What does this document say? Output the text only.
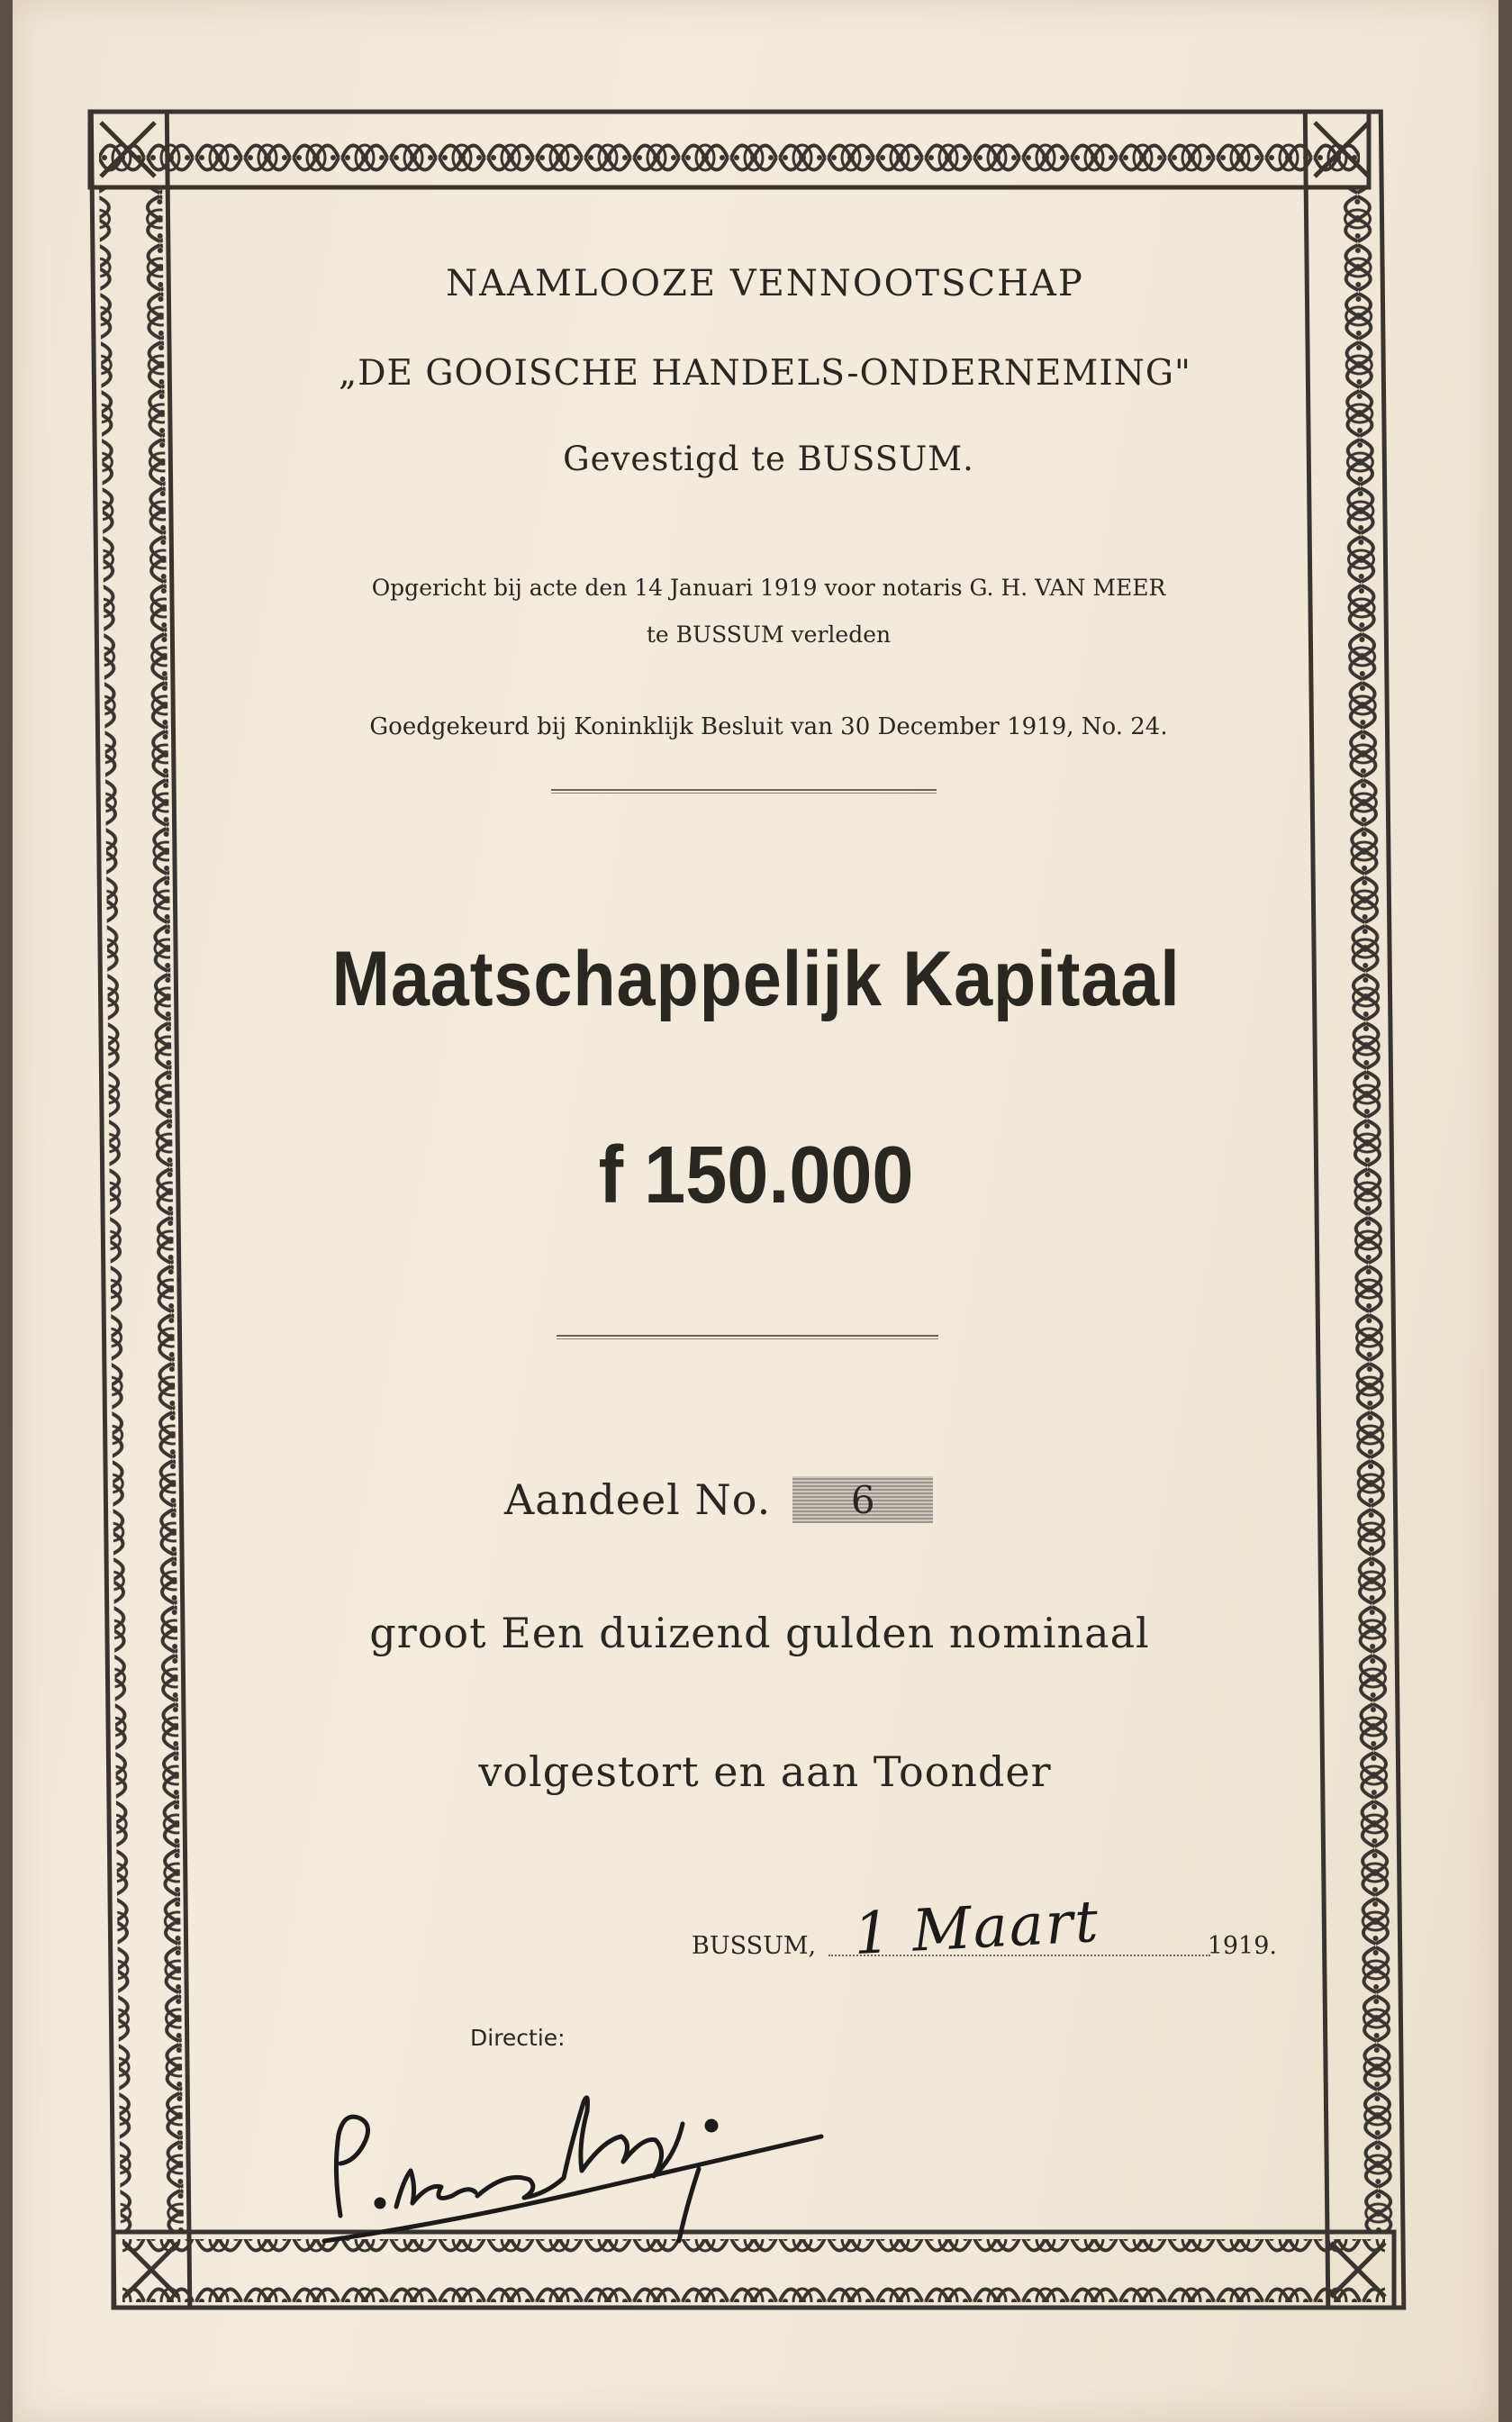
NAAMLOOZE VENNOOTSCHAP
„DE GOOISCHE HANDELS-ONDERNEMING"
Gevestigd te BUSSUM.
Opgericht bij acte den 14 Januari 1919 voor notaris G. H. VAN MEER
te BUSSUM verleden
Goedgekeurd bij Koninklijk Besluit van 30 December 1919, No. 24.
Maatschappelijk Kapitaal
f 150.000
Aandeel No. 6
groot Een duizend gulden nominaal
volgestort en aan Toonder
BUSSUM, 1 Maart	1919.
Directie:
